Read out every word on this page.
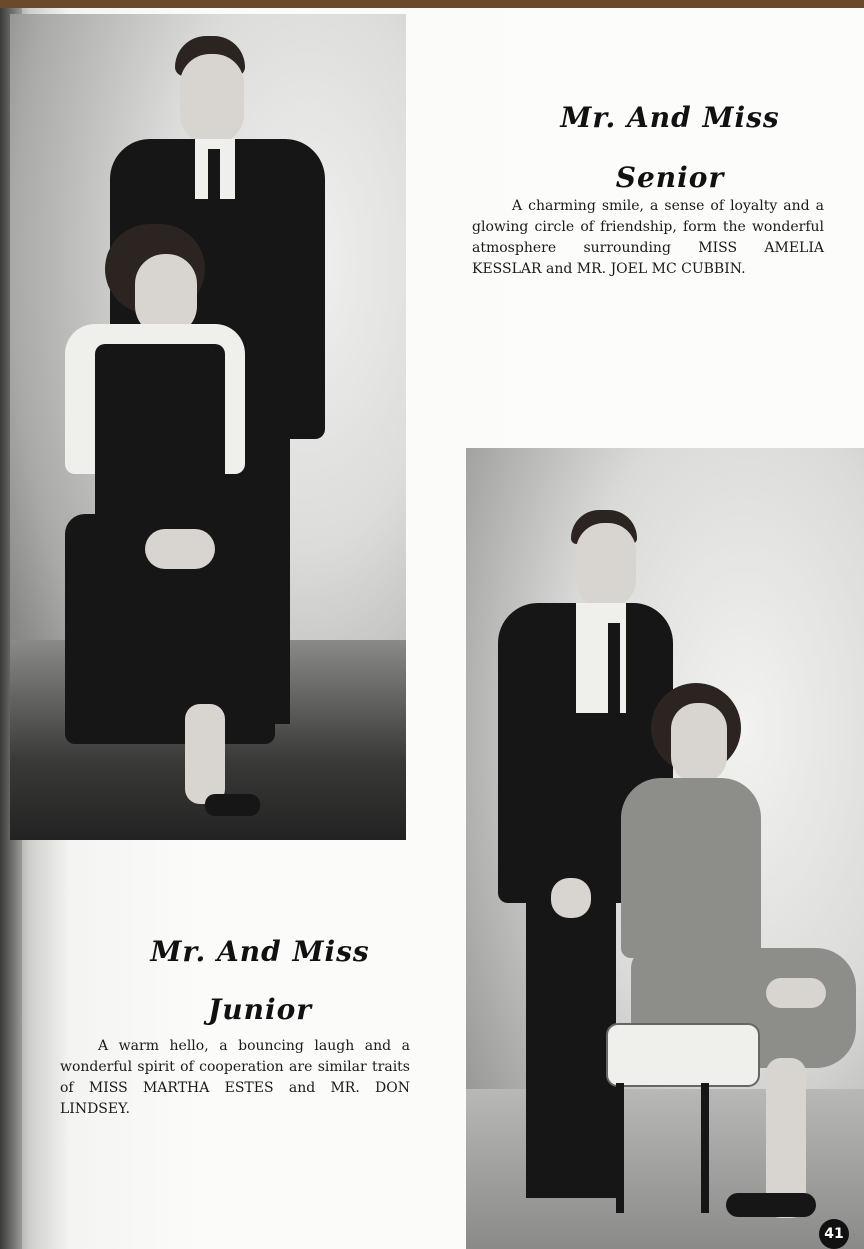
Mr. And Miss
Senior
A charming smile, a sense of loyalty and a glowing circle of friendship, form the wonderful atmosphere surrounding MISS AMELIA KESSLAR and MR. JOEL MC CUBBIN.
Mr. And Miss
Junior
A warm hello, a bouncing laugh and a wonderful spirit of cooperation are similar traits of MISS MARTHA ESTES and MR. DON LINDSEY.
41
